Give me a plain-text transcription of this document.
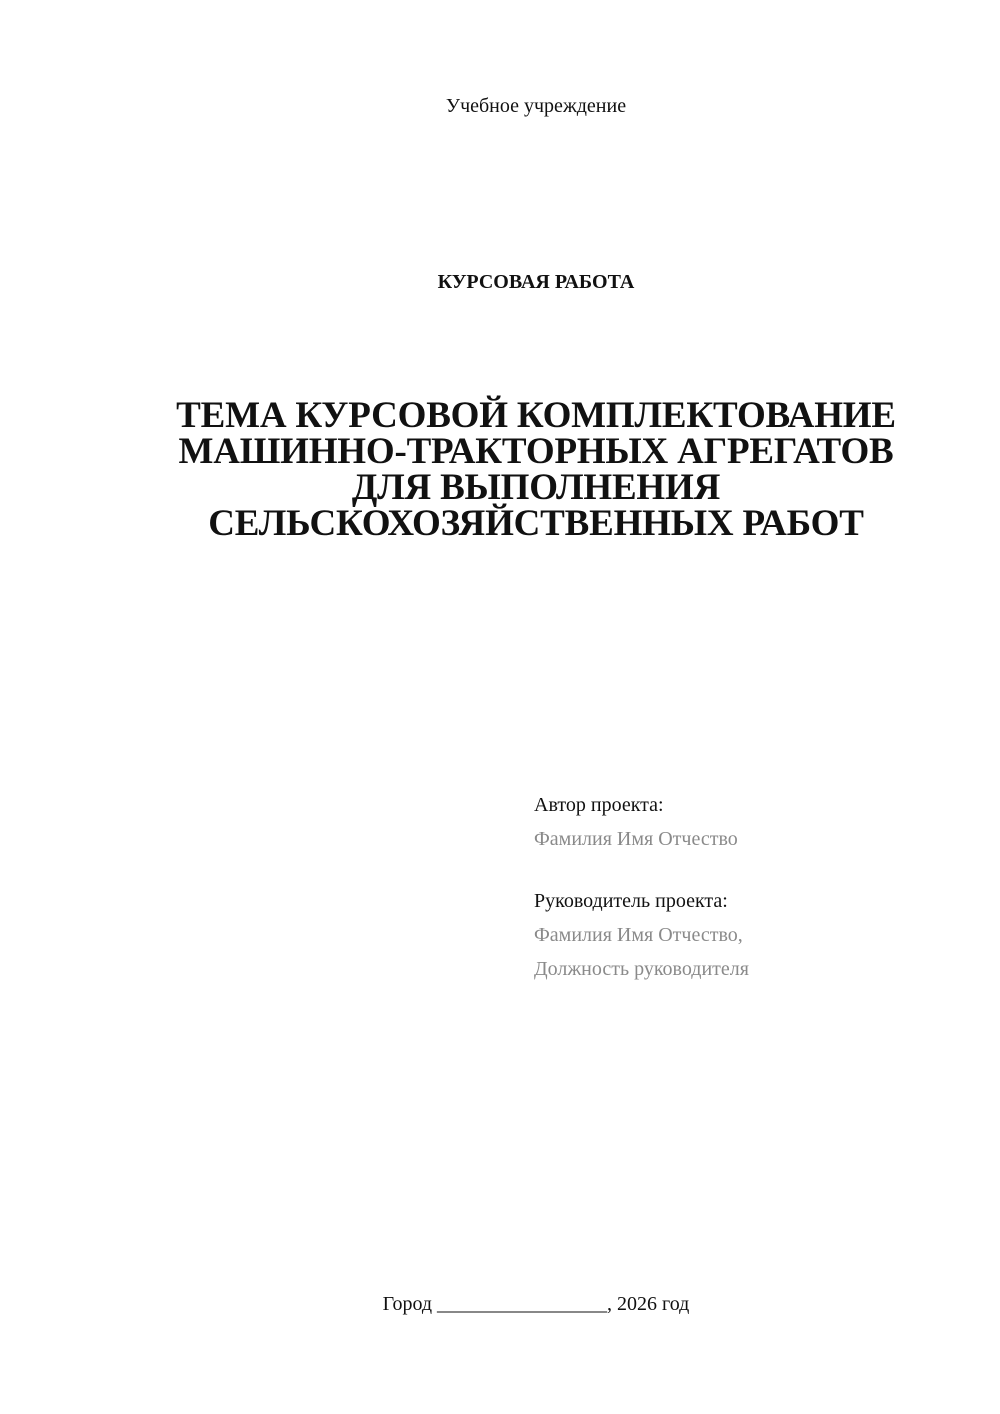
Учебное учреждение
КУРСОВАЯ РАБОТА
ТЕМА КУРСОВОЙ КОМПЛЕКТОВАНИЕ
МАШИННО-ТРАКТОРНЫХ АГРЕГАТОВ
ДЛЯ ВЫПОЛНЕНИЯ
СЕЛЬСКОХОЗЯЙСТВЕННЫХ РАБОТ
Автор проекта:
Фамилия Имя Отчество
Руководитель проекта:
Фамилия Имя Отчество,
Должность руководителя
Город _________________, 2026 год
